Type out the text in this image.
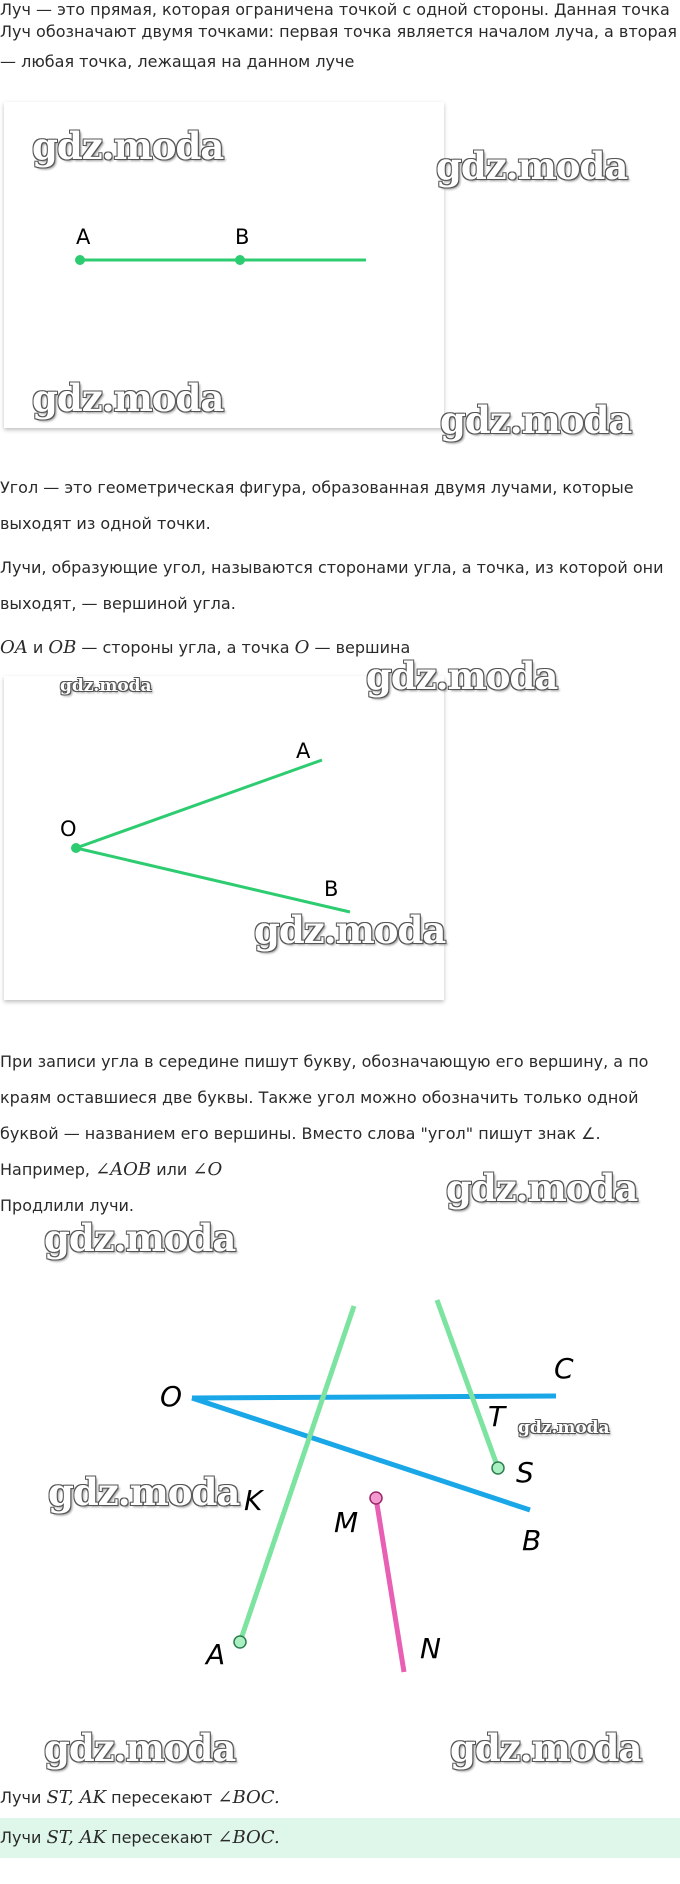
Луч — это прямая, которая ограничена точкой с одной стороны. Данная точка

Луч обозначают двумя точками: первая точка является началом луча, а вторая

— любая точка, лежащая на данном луче

A	B
gdz.moda	gdz.moda
gdz.moda	gdz.moda

Угол — это геометрическая фигура, образованная двумя лучами, которые

выходят из одной точки.

Лучи, образующие угол, называются сторонами угла, а точка, из которой они

выходят, — вершиной угла.

OA и OB — стороны угла, а точка O — вершина

O
A
B
gdz.moda	gdz.moda
gdz.moda

При записи угла в середине пишут букву, обозначающую его вершину, а по

краям оставшиеся две буквы. Также угол можно обозначить только одной

буквой — названием его вершины. Вместо слова "угол" пишут знак ∠.

Например, ∠AOB или ∠O

Продлили лучи.	gdz.moda
gdz.moda
O
C
T
S
K
M
B
A	N
gdz.moda
gdz.moda
gdz.moda	gdz.moda

Лучи ST, AK пересекают ∠BOC.

Лучи ST, AK пересекают ∠BOC.
